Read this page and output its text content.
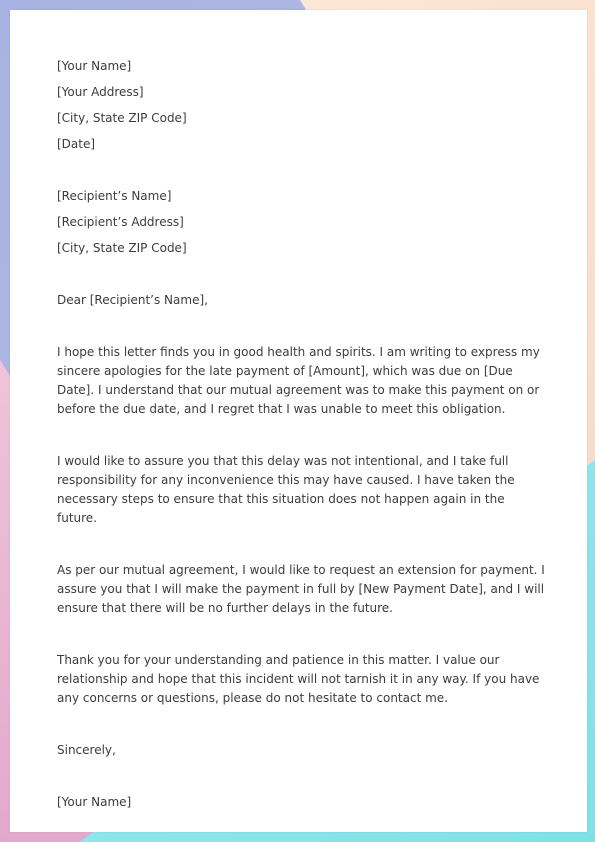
[Your Name]
[Your Address]
[City, State ZIP Code]
[Date]
[Recipient’s Name]
[Recipient’s Address]
[City, State ZIP Code]

Dear [Recipient’s Name],

I hope this letter finds you in good health and spirits. I am writing to express my sincere apologies for the late payment of [Amount], which was due on [Due Date]. I understand that our mutual agreement was to make this payment on or before the due date, and I regret that I was unable to meet this obligation.

I would like to assure you that this delay was not intentional, and I take full responsibility for any inconvenience this may have caused. I have taken the necessary steps to ensure that this situation does not happen again in the future.

As per our mutual agreement, I would like to request an extension for payment. I assure you that I will make the payment in full by [New Payment Date], and I will ensure that there will be no further delays in the future.

Thank you for your understanding and patience in this matter. I value our relationship and hope that this incident will not tarnish it in any way. If you have any concerns or questions, please do not hesitate to contact me.

Sincerely,

[Your Name]
